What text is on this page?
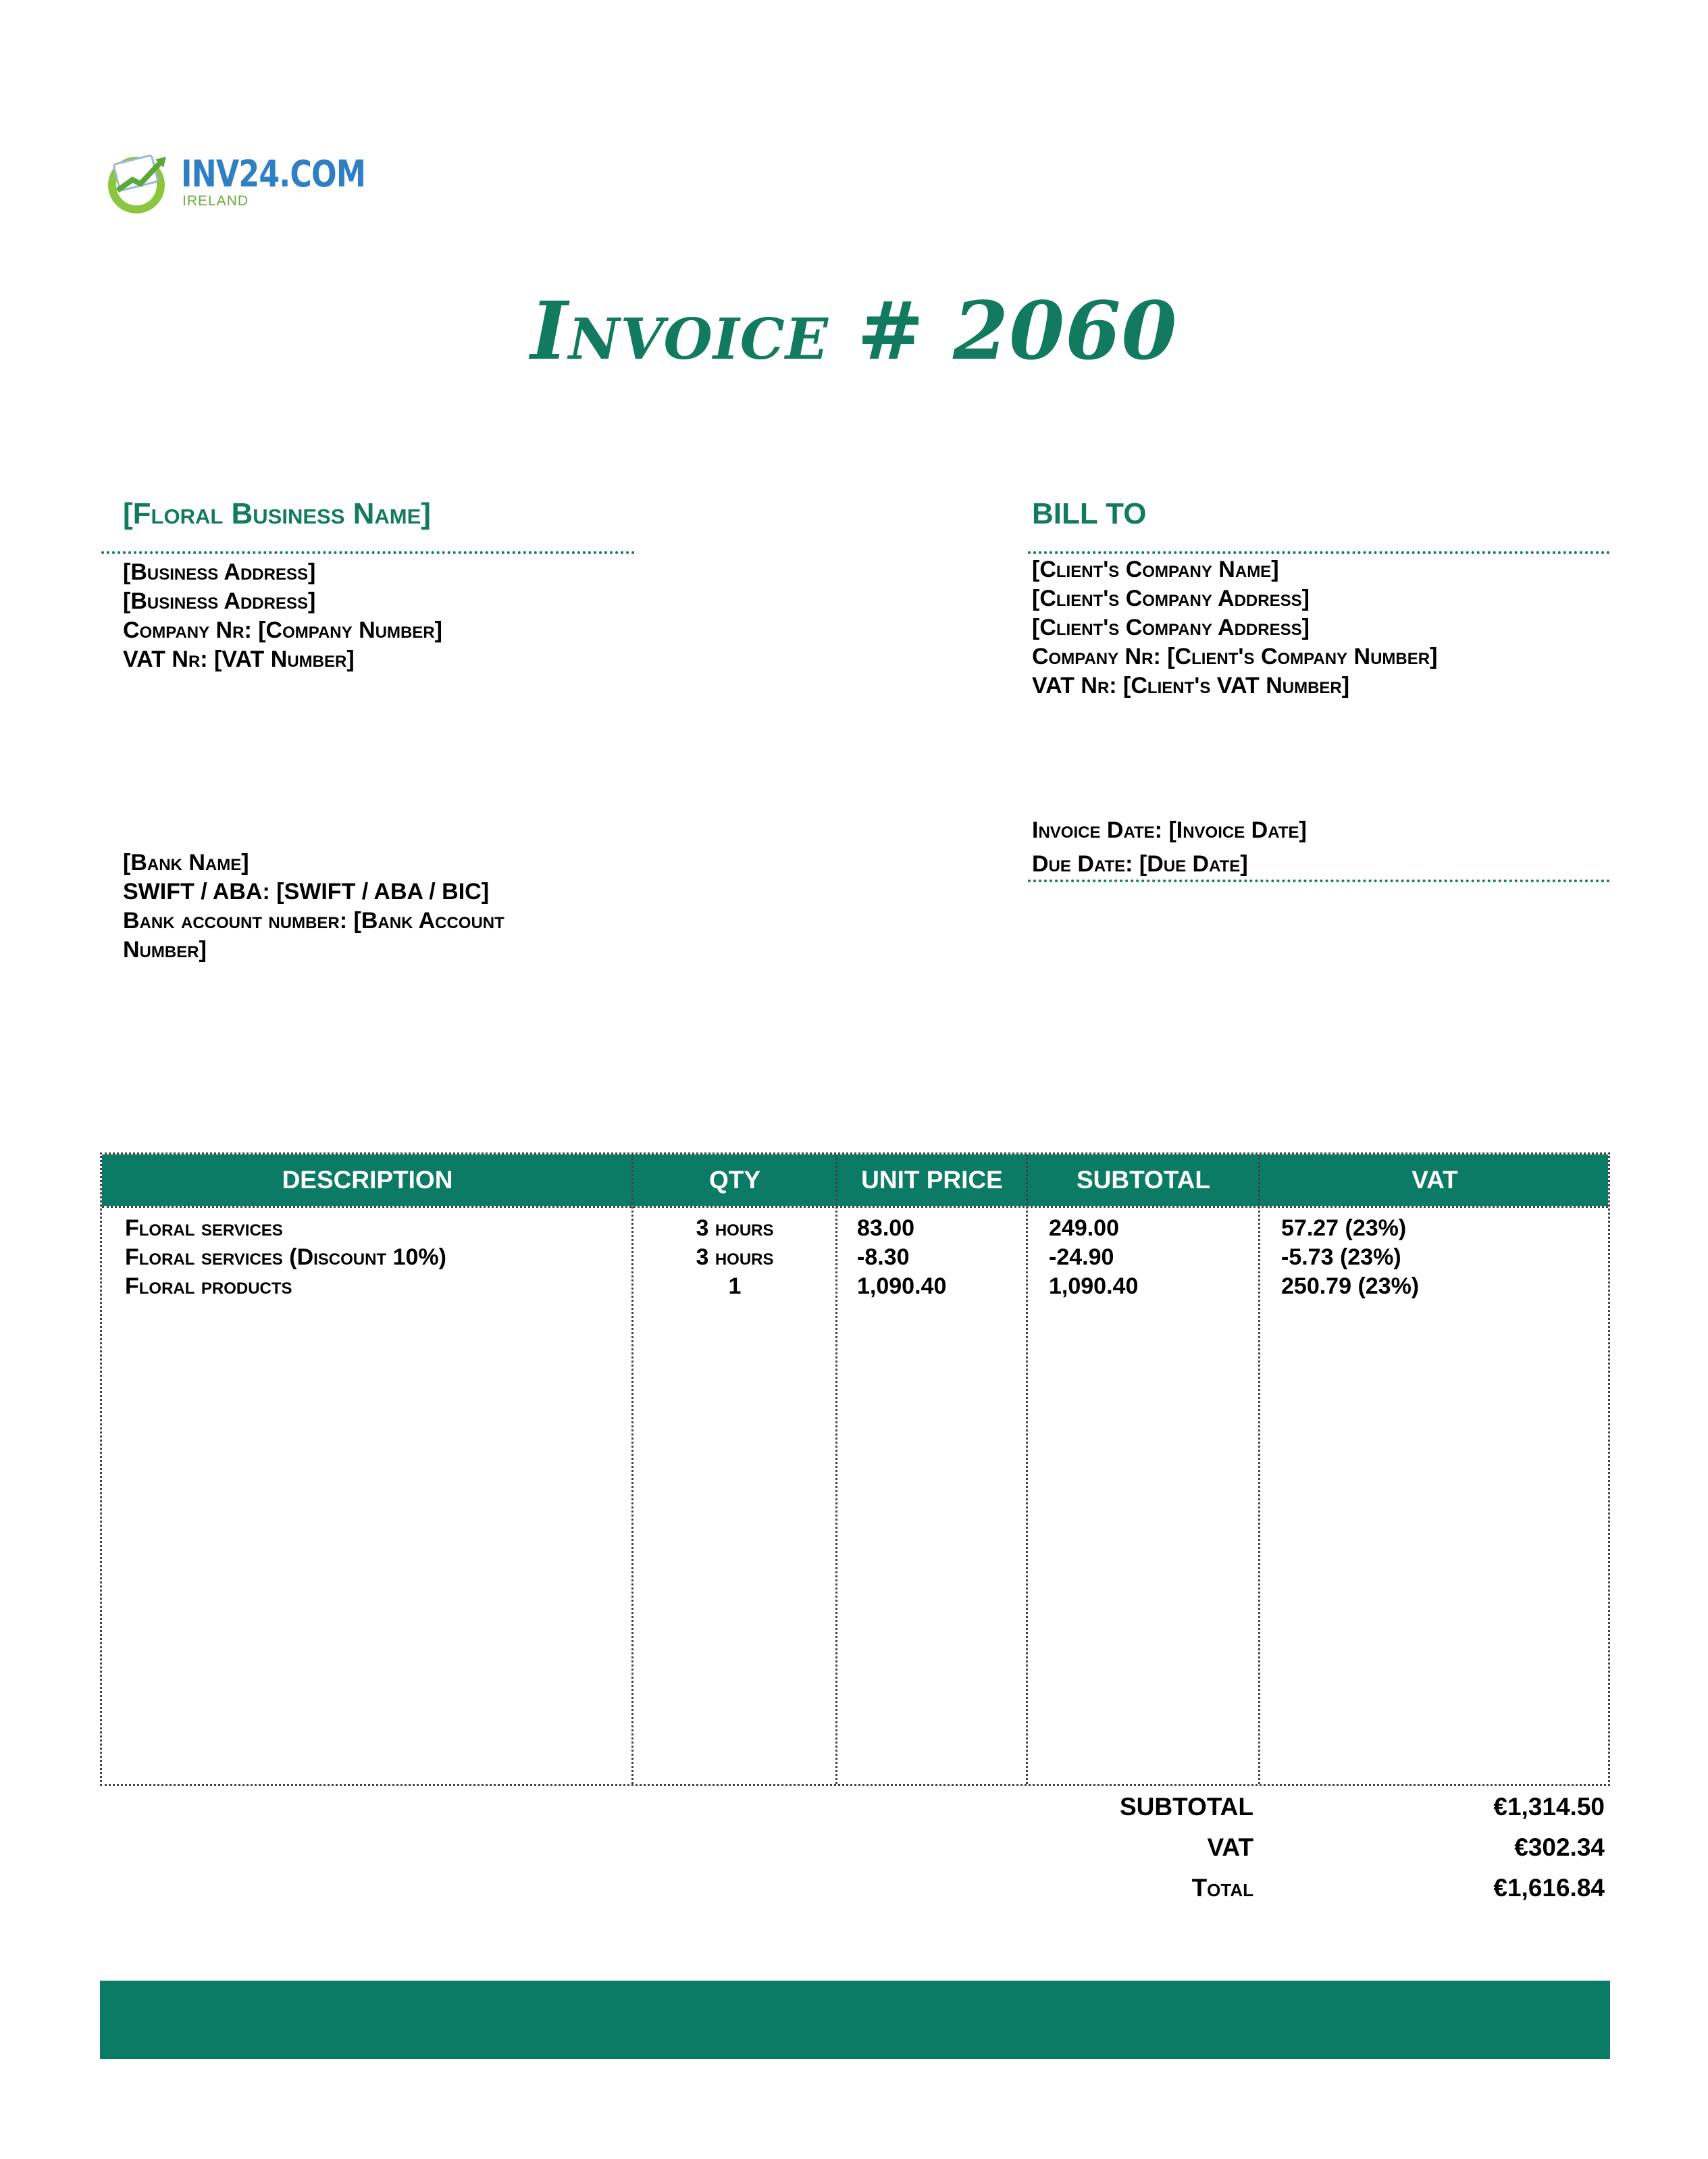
INV24.COM
IRELAND
Invoice # 2060
[Floral Business Name]
[Business Address]
[Business Address]
Company Nr: [Company Number]
VAT Nr: [VAT Number]
[Bank Name]
SWIFT / ABA: [SWIFT / ABA / BIC]
Bank account number: [Bank Account
Number]
BILL TO
[Client's Company Name]
[Client's Company Address]
[Client's Company Address]
Company Nr: [Client's Company Number]
VAT Nr: [Client's VAT Number]
Invoice Date: [Invoice Date]
Due Date: [Due Date]
DESCRIPTION	QTY	UNIT PRICE	SUBTOTAL	VAT
Floral services	3 hours	83.00	249.00	57.27 (23%)
Floral services (Discount 10%)	3 hours	-8.30	-24.90	-5.73 (23%)
Floral products	1	1,090.40	1,090.40	250.79 (23%)
SUBTOTAL	€1,314.50
VAT	€302.34
Total	€1,616.84
